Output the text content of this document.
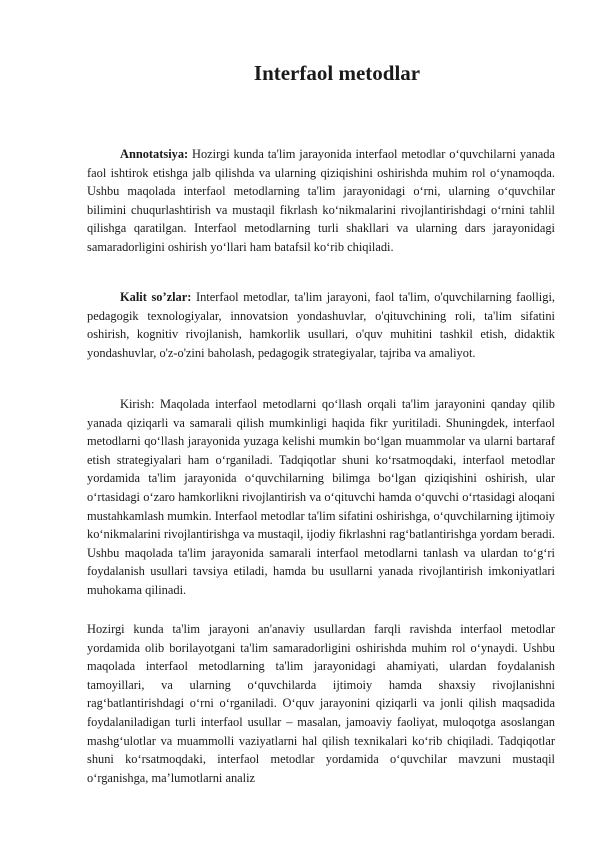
Interfaol metodlar

Annotatsiya: Hozirgi kunda ta'lim jarayonida interfaol metodlar o‘quvchilarni yanada faol ishtirok etishga jalb qilishda va ularning qiziqishini oshirishda muhim rol o‘ynamoqda. Ushbu maqolada interfaol metodlarning ta'lim jarayonidagi o‘rni, ularning o‘quvchilar bilimini chuqurlashtirish va mustaqil fikrlash ko‘nikmalarini rivojlantirishdagi o‘rnini tahlil qilishga qaratilgan. Interfaol metodlarning turli shakllari va ularning dars jarayonidagi samaradorligini oshirish yo‘llari ham batafsil ko‘rib chiqiladi.

Kalit so’zlar: Interfaol metodlar, ta'lim jarayoni, faol ta'lim, o'quvchilarning faolligi, pedagogik texnologiyalar, innovatsion yondashuvlar, o'qituvchining roli, ta'lim sifatini oshirish, kognitiv rivojlanish, hamkorlik usullari, o'quv muhitini tashkil etish, didaktik yondashuvlar, o'z-o'zini baholash, pedagogik strategiyalar, tajriba va amaliyot.

Kirish: Maqolada interfaol metodlarni qo‘llash orqali ta'lim jarayonini qanday qilib yanada qiziqarli va samarali qilish mumkinligi haqida fikr yuritiladi. Shuningdek, interfaol metodlarni qo‘llash jarayonida yuzaga kelishi mumkin bo‘lgan muammolar va ularni bartaraf etish strategiyalari ham o‘rganiladi. Tadqiqotlar shuni ko‘rsatmoqdaki, interfaol metodlar yordamida ta'lim jarayonida o‘quvchilarning bilimga bo‘lgan qiziqishini oshirish, ular o‘rtasidagi o‘zaro hamkorlikni rivojlantirish va o‘qituvchi hamda o‘quvchi o‘rtasidagi aloqani mustahkamlash mumkin. Interfaol metodlar ta'lim sifatini oshirishga, o‘quvchilarning ijtimoiy ko‘nikmalarini rivojlantirishga va mustaqil, ijodiy fikrlashni rag‘batlantirishga yordam beradi. Ushbu maqolada ta'lim jarayonida samarali interfaol metodlarni tanlash va ulardan to‘g‘ri foydalanish usullari tavsiya etiladi, hamda bu usullarni yanada rivojlantirish imkoniyatlari muhokama qilinadi.

Hozirgi kunda ta'lim jarayoni an'anaviy usullardan farqli ravishda interfaol metodlar yordamida olib borilayotgani ta'lim samaradorligini oshirishda muhim rol o‘ynaydi. Ushbu maqolada interfaol metodlarning ta'lim jarayonidagi ahamiyati, ulardan foydalanish tamoyillari, va ularning o‘quvchilarda ijtimoiy hamda shaxsiy rivojlanishni rag‘batlantirishdagi o‘rni o‘rganiladi. O‘quv jarayonini qiziqarli va jonli qilish maqsadida foydalaniladigan turli interfaol usullar – masalan, jamoaviy faoliyat, muloqotga asoslangan mashg‘ulotlar va muammolli vaziyatlarni hal qilish texnikalari ko‘rib chiqiladi. Tadqiqotlar shuni ko‘rsatmoqdaki, interfaol metodlar yordamida o‘quvchilar mavzuni mustaqil o‘rganishga, ma’lumotlarni analiz
